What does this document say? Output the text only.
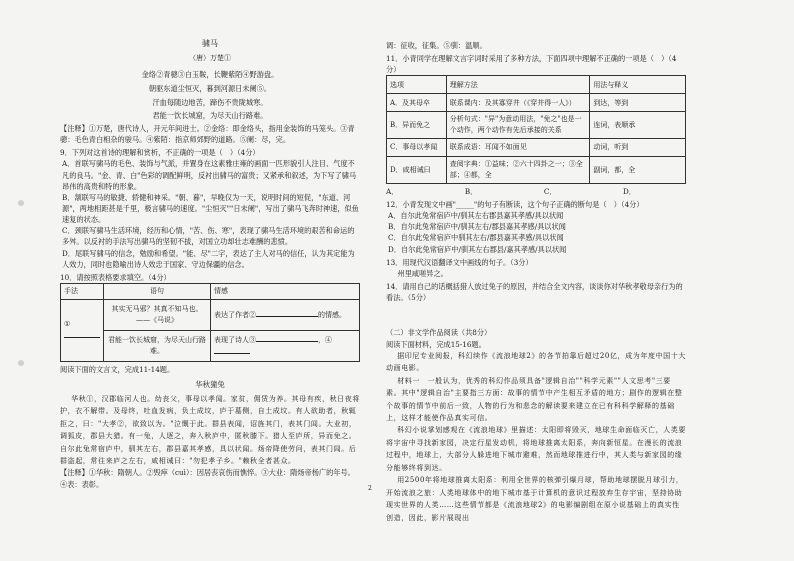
骕马
（唐）万楚①
金络②青骢③白玉鞍，长鞭紫陌④野游盘。
朝驱东道尘恒灭，暮到河源日未阑⑤。
汗血每随边地苦，蹄伤不贵陇城寒。
君能一饮长城窟，为尽天山行路难。

【注释】①万楚，唐代诗人，开元年间进士。②金络：即金络头，指用金装饰的马笼头。③青骢：毛色青白相杂的骏马。④紫陌：指京师郊野的道路。⑤阑：尽，完。

9．下列对这首诗的理解和赏析，不正确的一项是（　）（4分）

A．首联写骕马的毛色、装饰与气派，并置身在这素雅庄雍的画面一匹形貌引人注目、气度不凡的良马。"金、青、白"色彩的调配鲜明，反衬出骕马的富贵；又紧承和叙述，为下写了骕马昂伟的高贵和特的形象。

B．颔联写马的敏捷、轿健和神采。"朝、暮"，早晚仅为一天，说明时间的短促，"东道、河源"，两地相距甚是千里，极言骕马的速度。"尘恒灭""日未阑"，写出了骕马飞奔时神速，似鱼速复的状态。

C．颈联写骕马生活环境，经历和心情，"苦、伤、寒"，表现了骕马生活环境的艰苦和命运的多舛。以反衬的手法写出骕马的坚韧不拔，对国立功却壮志难酬的悲愤。

D．尾联写骕马的信念，勉励和希望。"能、尽"二字，表达了主人对马的信任，认为其定能为人效力，同时也隐喻出诗人效忠于国家、守边保疆的信念。

10．请按照表格要求填空。（4分）

手法	语句	情感
①	其实无马邪？其真不知马也。
——《马说》	表达了作者② 的情感。
	君能一饮长城窟，为尽天山行路难。	表现了诗人③ ，④

阅读下面的文言文，完成11-14题。

华秋獞兔

华秋①，汉郡临河人也。幼丧父，事母以孝闻。家贫，佣赁为养。其母有疾，秋日夜将护，衣不解带。及母终，吐血发病，负土成坟，庐于墓侧，自土成坟。有人欲助者，秋辄拒之，曰："大孝②，欲致以为。"泣慨于此。群县表闻，诏旌其门，表其门闾。大业初，调狐皮，郡县大猎。有一兔，人逐之，奔入秋庐中，匿秋膝下。猎人至庐所，异而免之。自尔此兔常宿庐中，驯其左右，郡县嘉其孝感，具以状闻。炀帝降使劳问，表其门闾。后群盗起，常往来庐之左右，咸相诫曰："勿犯孝子乡。"赖秋全者甚众。

【注释】①华秋：隋朝人。②毁瘁（cuì）：因居丧哀伤而憔悴。③大业：隋炀帝杨广的年号。④表：表彰。	2

调：征收，征集。⑤驯：温顺。

11．小青同学在理解文言字词时采用了多种方法，下面四项中理解不正确的一项是（　）（4分）

选项	理解方法	用法与释义
A．及其母卒	联系课内：及其寡穿井（《穿井得一人》）	到达，等到
B．异而免之	分析句式："异"为意动用法，"免之"也是一个动作，两个动作有先后承接的关系	连词，表顺承
C．事母以孝闻	联系成语：耳闻不如面见	动词，听到
D．咸相诫曰	查阅字典：①益味；②六十四卦之一；③全部；④都，全	副词，都，全
A．	B．	C．	D．

12．小青发现文中画"_____"的句子有断读，这个句子正确的断句是（　）（4分）

A．自尔此兔常宿庐中/驯其左右郡县嘉其孝感/具以状闻

B．自尔此兔常宿庐中/驯其左右/郡县嘉其孝感/具以状闻

C．自尔此兔常宿庐中驯其左右/郡县嘉其孝感/具以状闻

D．自尔此兔常宿庐中/驯其左右郡县/嘉其孝感/具以状闻

13．用现代汉语翻译文中画线的句子。（3分）

州里咸嗟异之。

14．请用自己的话概括猎人放过兔子的原因，并结合全文内容，谈谈你对华秋孝敬母亲行为的看法。（5分）

（二）非文学作品阅读（共8分）

阅读下面材料，完成15-16题。

据印尼专业阅报，科幻续作《流浪地球2》的各节拍靠后超过20亿，成为年度中国十大动画电影。

材料一　一般认为，优秀的科幻作品须具备"逻辑自治""科学元素""人文思考"三要素。其中"逻辑自治"主要指三方面：故事的情节中产生相互矛盾的地方；剧作的逻辑在整个故事的情节中前后一致，人物的行为和悲念的解读要来建立在已有科科学解释的基础上，这样才能使作品真实可信。

科幻小说掌划感观在《流浪地球》里描述：太阳即将毁灭，地球生命面临灭亡，人类要将宇宙中寻找新家园，决定行星发动机，将地球推离太阳系，奔向新恒星。在漫长的流浪过程中，地球上，大部分人躲进地下城市避难，然而地球推进行中，其人类与新家园的缘分能够终将到达。

用2500年将地球推离太阳系：利用全世界的核弹引爆月球，帮助地球摆脱月球引力，开始流浪之旅：人类地球体中的地下城市基于计算机的意识过程放弃生存宇宙，坚持协助现实世界的人类……这些情节都是《流浪地球2》的电影编剧组在原小说基础上的真实性创造，因此，影片展现出
